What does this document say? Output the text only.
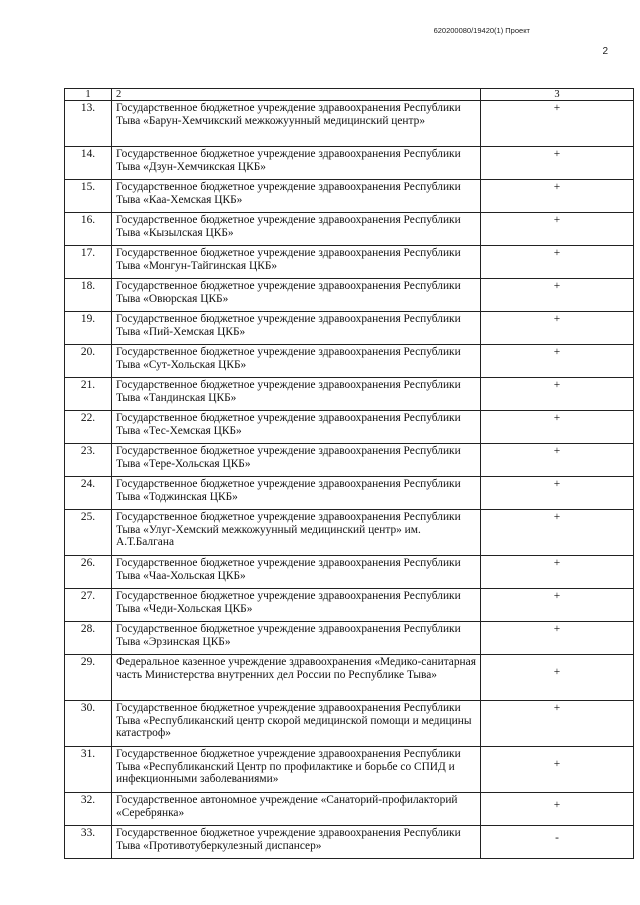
620200080/19420(1) Проект
2
1	2	3
13.	Государственное бюджетное учреждение здравоохранения Республики Тыва «Барун-Хемчикский межкожуунный медицинский центр»	+

14.	Государственное бюджетное учреждение здравоохранения Республики Тыва «Дзун-Хемчикская ЦКБ»	+

15.	Государственное бюджетное учреждение здравоохранения Республики Тыва «Каа-Хемская ЦКБ»	+

16.	Государственное бюджетное учреждение здравоохранения Республики Тыва «Кызылская ЦКБ»	+

17.	Государственное бюджетное учреждение здравоохранения Республики Тыва «Монгун-Тайгинская ЦКБ»	+

18.	Государственное бюджетное учреждение здравоохранения Республики Тыва «Овюрская ЦКБ»	+

19.	Государственное бюджетное учреждение здравоохранения Республики Тыва «Пий-Хемская ЦКБ»	+

20.	Государственное бюджетное учреждение здравоохранения Республики Тыва «Сут-Хольская ЦКБ»	+

21.	Государственное бюджетное учреждение здравоохранения Республики Тыва «Тандинская ЦКБ»	+

22.	Государственное бюджетное учреждение здравоохранения Республики Тыва «Тес-Хемская ЦКБ»	+

23.	Государственное бюджетное учреждение здравоохранения Республики Тыва «Тере-Хольская ЦКБ»	+

24.	Государственное бюджетное учреждение здравоохранения Республики Тыва «Тоджинская ЦКБ»	+

25.	Государственное бюджетное учреждение здравоохранения Республики Тыва «Улуг-Хемский межкожуунный медицинский центр» им. А.Т.Балгана	+

26.	Государственное бюджетное учреждение здравоохранения Республики Тыва «Чаа-Хольская ЦКБ»	+

27.	Государственное бюджетное учреждение здравоохранения Республики Тыва «Чеди-Хольская ЦКБ»	+

28.	Государственное бюджетное учреждение здравоохранения Республики Тыва «Эрзинская ЦКБ»	+

29.	Федеральное казенное учреждение здравоохранения «Медико-санитарная часть Министерства внутренних дел России по Республике Тыва»	+

30.	Государственное бюджетное учреждение здравоохранения Республики Тыва «Республиканский центр скорой медицинской помощи и медицины катастроф»	+

31.	Государственное бюджетное учреждение здравоохранения Республики Тыва «Республиканский Центр по профилактике и борьбе со СПИД и инфекционными заболеваниями»	+

32.	Государственное автономное учреждение «Санаторий-профилакторий «Серебрянка»	+

33.	Государственное бюджетное учреждение здравоохранения Республики Тыва «Противотуберкулезный диспансер»	-
